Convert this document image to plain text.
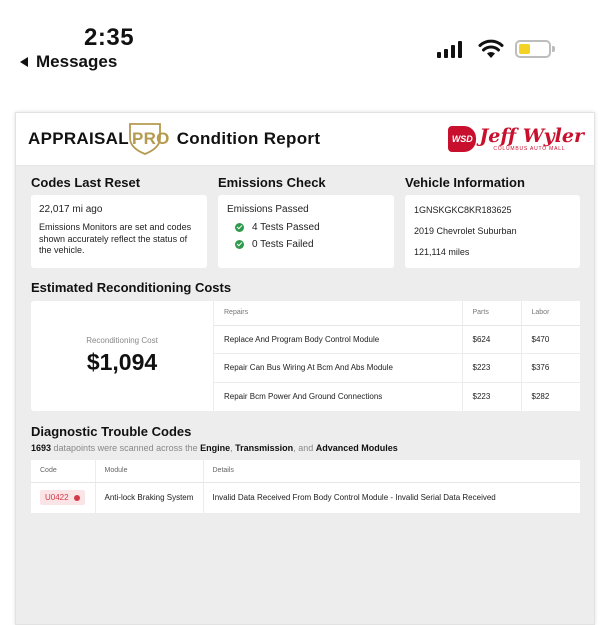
2:35
Messages
APPRAISAL PRO Condition Report	WSD Jeff Wyler
COLUMBUS AUTO MALL
Codes Last Reset
22,017 mi ago
Emissions Monitors are set and codes shown accurately reflect the status of the vehicle.
Emissions Check
Emissions Passed
4 Tests Passed
0 Tests Failed
Vehicle Information
1GNSKGKC8KR183625
2019 Chevrolet Suburban
121,114 miles
Estimated Reconditioning Costs
Reconditioning Cost
$1,094
Repairs	Parts	Labor
Replace And Program Body Control Module	$624	$470
Repair Can Bus Wiring At Bcm And Abs Module	$223	$376
Repair Bcm Power And Ground Connections	$223	$282
Diagnostic Trouble Codes
1693 datapoints were scanned across the Engine, Transmission, and Advanced Modules
Code	Module	Details

U0422	Anti-lock Braking System	Invalid Data Received From Body Control Module - Invalid Serial Data Received
